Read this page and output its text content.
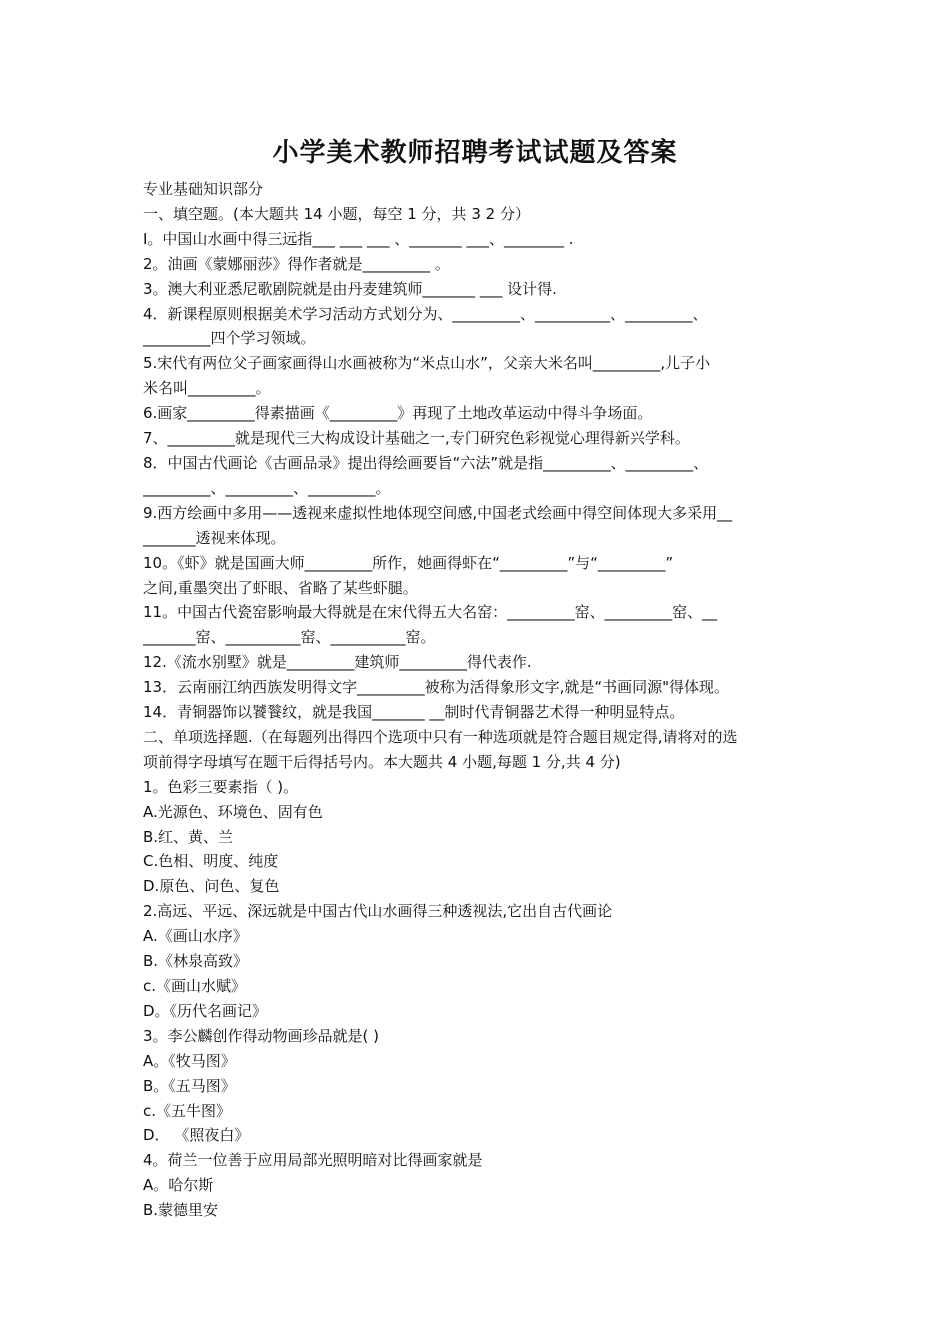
小学美术教师招聘考试试题及答案
专业基础知识部分
一、填空题。(本大题共 14 小题，每空 1 分，共 3 2 分）
I。中国山水画中得三远指___ ___ ___ 、_______ ___、________ .
2。油画《蒙娜丽莎》得作者就是_________ 。
3。澳大利亚悉尼歌剧院就是由丹麦建筑师_______ ___ 设计得.
4．新课程原则根据美术学习活动方式划分为、_________、__________、_________、
_________四个学习领域。
5.宋代有两位父子画家画得山水画被称为“米点山水”，父亲大米名叫_________,儿子小
米名叫_________。
6.画家_________得素描画《_________》再现了土地改革运动中得斗争场面。
7、_________就是现代三大构成设计基础之一,专门研究色彩视觉心理得新兴学科。
8．中国古代画论《古画品录》提出得绘画要旨“六法”就是指_________、_________、
_________、_________、_________。
9.西方绘画中多用——透视来虚拟性地体现空间感,中国老式绘画中得空间体现大多采用__
_______透视来体现。
10。《虾》就是国画大师_________所作，她画得虾在“_________”与“_________”
之间,重墨突出了虾眼、省略了某些虾腿。
11。中国古代瓷窑影响最大得就是在宋代得五大名窑：_________窑、_________窑、__
_______窑、__________窑、__________窑。
12.《流水别墅》就是_________建筑师_________得代表作.
13．云南丽江纳西族发明得文字_________被称为活得象形文字,就是“书画同源"得体现。
14．青铜器饰以饕餮纹，就是我国_______ __制时代青铜器艺术得一种明显特点。
二、单项选择题.（在每题列出得四个选项中只有一种选项就是符合题目规定得,请将对的选
项前得字母填写在题干后得括号内。本大题共 4 小题,每题 1 分,共 4 分)
1。色彩三要素指（ )。
A.光源色、环境色、固有色
B.红、黄、兰
C.色相、明度、纯度
D.原色、问色、复色
2.高远、平远、深远就是中国古代山水画得三种透视法,它出自古代画论
A.《画山水序》
B.《林泉高致》
c.《画山水赋》
D。《历代名画记》
3。李公麟创作得动物画珍品就是( )
A。《牧马图》
B。《五马图》
c.《五牛图》
D． 《照夜白》
4。荷兰一位善于应用局部光照明暗对比得画家就是
A。哈尔斯
B.蒙德里安
